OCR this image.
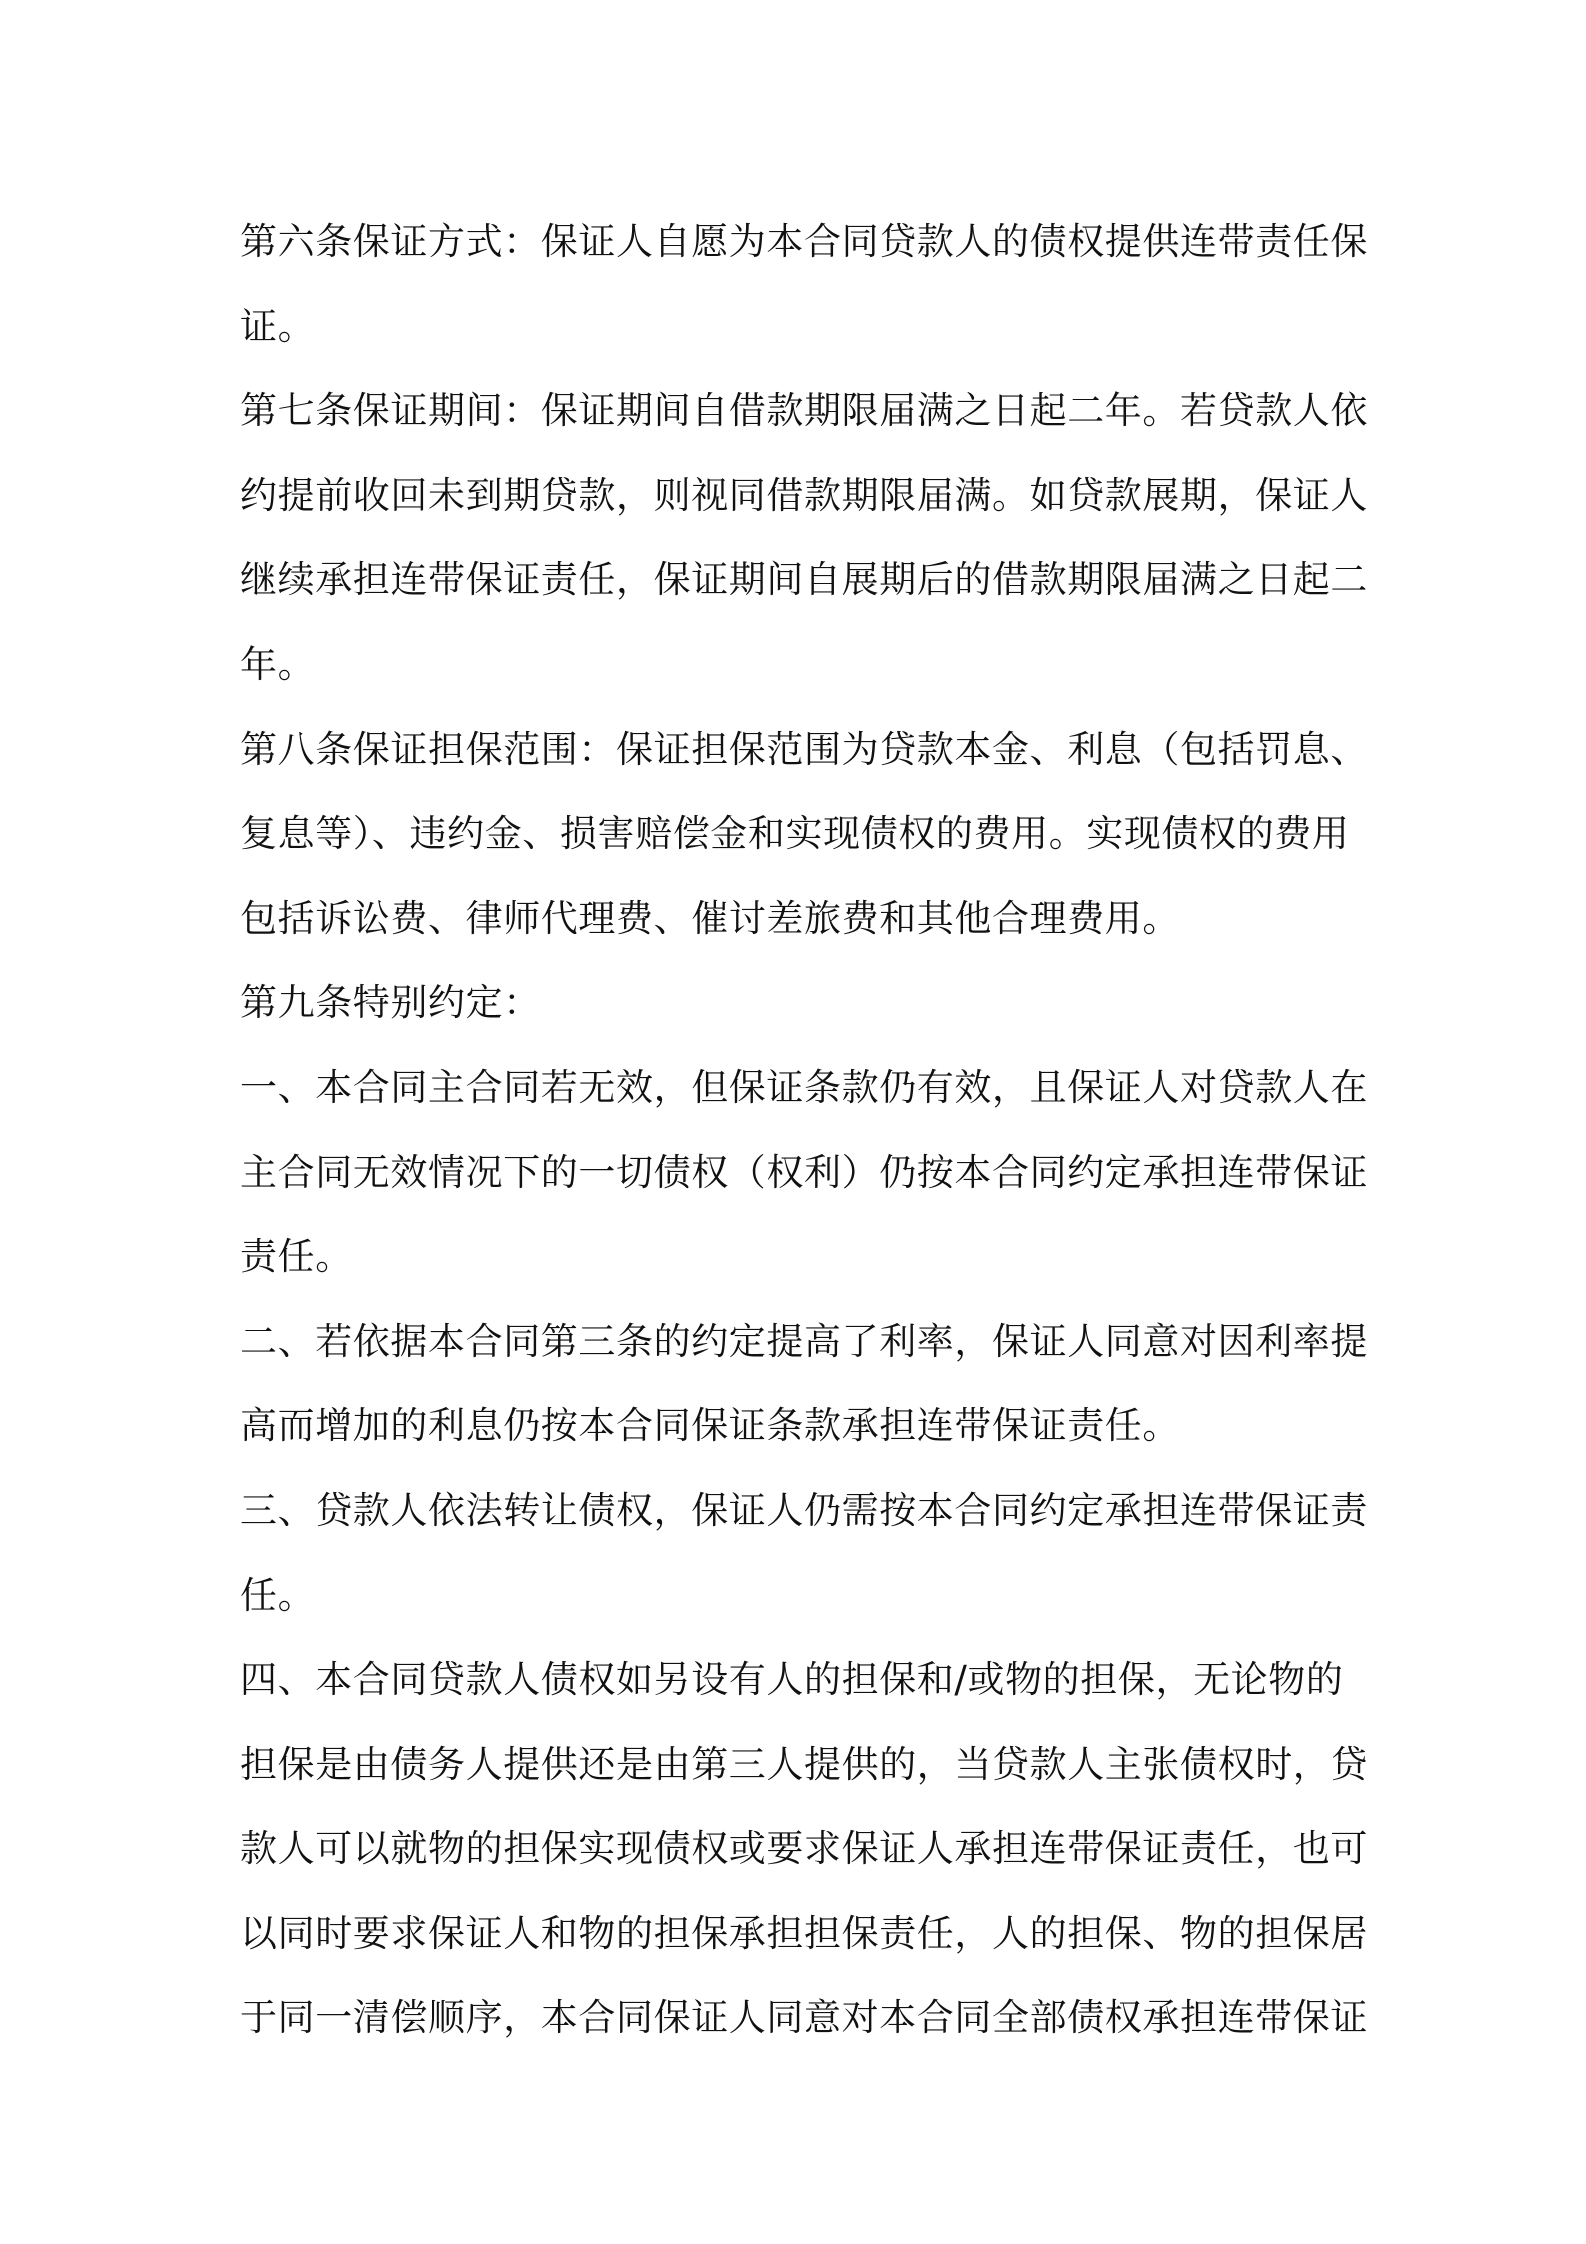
第六条保证方式：保证人自愿为本合同贷款人的债权提供连带责任保
证。
第七条保证期间：保证期间自借款期限届满之日起二年。若贷款人依
约提前收回未到期贷款，则视同借款期限届满。如贷款展期，保证人
继续承担连带保证责任，保证期间自展期后的借款期限届满之日起二
年。
第八条保证担保范围：保证担保范围为贷款本金、利息（包括罚息、
复息等）、违约金、损害赔偿金和实现债权的费用。实现债权的费用
包括诉讼费、律师代理费、催讨差旅费和其他合理费用。
第九条特别约定：
一、本合同主合同若无效，但保证条款仍有效，且保证人对贷款人在
主合同无效情况下的一切债权（权利）仍按本合同约定承担连带保证
责任。
二、若依据本合同第三条的约定提高了利率，保证人同意对因利率提
高而增加的利息仍按本合同保证条款承担连带保证责任。
三、贷款人依法转让债权，保证人仍需按本合同约定承担连带保证责
任。
四、本合同贷款人债权如另设有人的担保和/或物的担保，无论物的
担保是由债务人提供还是由第三人提供的，当贷款人主张债权时，贷
款人可以就物的担保实现债权或要求保证人承担连带保证责任，也可
以同时要求保证人和物的担保承担担保责任，人的担保、物的担保居
于同一清偿顺序，本合同保证人同意对本合同全部债权承担连带保证
